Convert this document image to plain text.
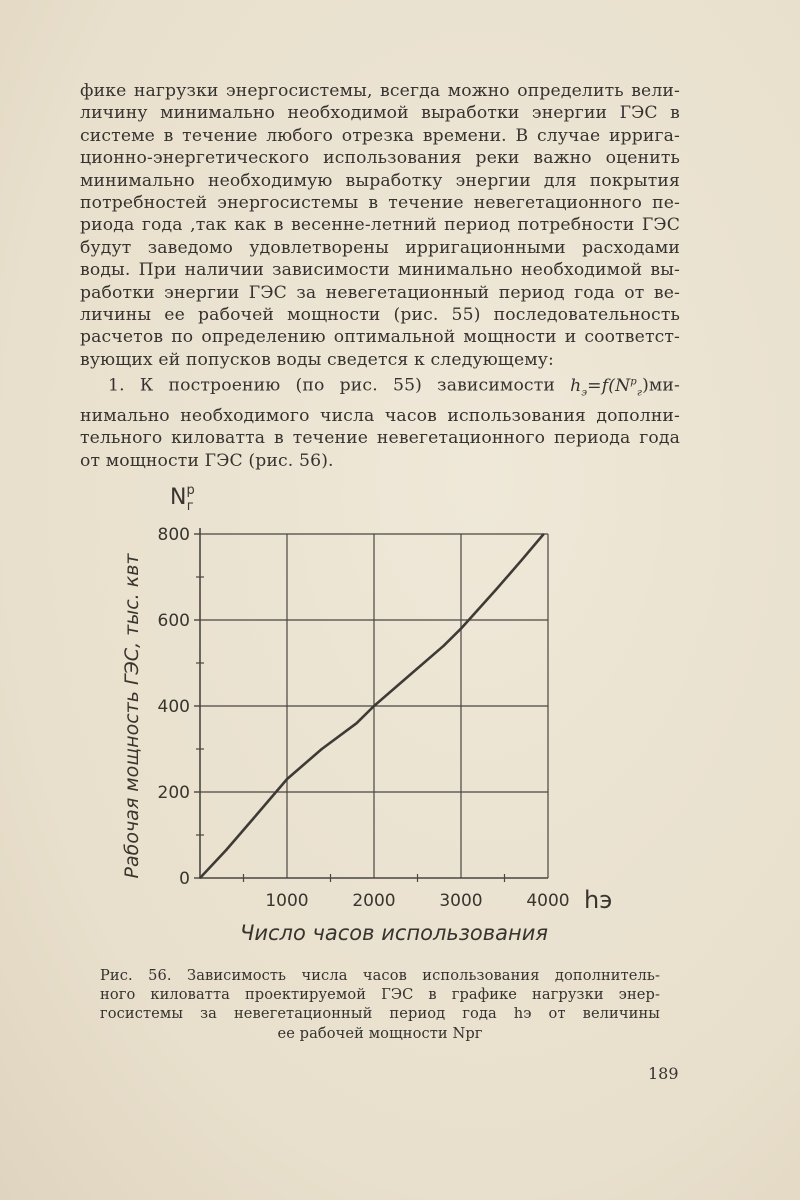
фике нагрузки энергосистемы, всегда можно определить вели-
личину минимально необходимой выработки энергии ГЭС в
системе в течение любого отрезка времени. В случае ирригa-
ционно-энергетического использования реки важно оценить
минимально необходимую выработку энергии для покрытия
потребностей энергосистемы в течение невегетационного пе-
риода года ,так как в весенне-летний период потребности ГЭС
будут заведомо удовлетворены ирригационными расходами
воды. При наличии зависимости минимально необходимой вы-
работки энергии ГЭС за невегетационный период года от ве-
личины ее рабочей мощности (рис. 55) последовательность
расчетов по определению оптимальной мощности и соответст-
вующих ей попусков воды сведется к следующему:
1. К построению (по рис. 55) зависимости $h_э=f(N^р_г)ми-$
нимально необходимого числа часов использования дополни-
тельного киловатта в течение невегетационного периода года
от мощности ГЭС (рис. 56).
0
200
400
600
800
1000	2000	3000	4000 hэ
$N^р$ г
Рабочая мощность ГЭС, тыс. квт
Число часов использования
Рис. 56. Зависимость числа часов использования дополнитель-
ного киловатта проектируемой ГЭС в графике нагрузки энер-
госистемы за невегетационный период года hэ от величины
ее рабочей мощности Nрг
189
